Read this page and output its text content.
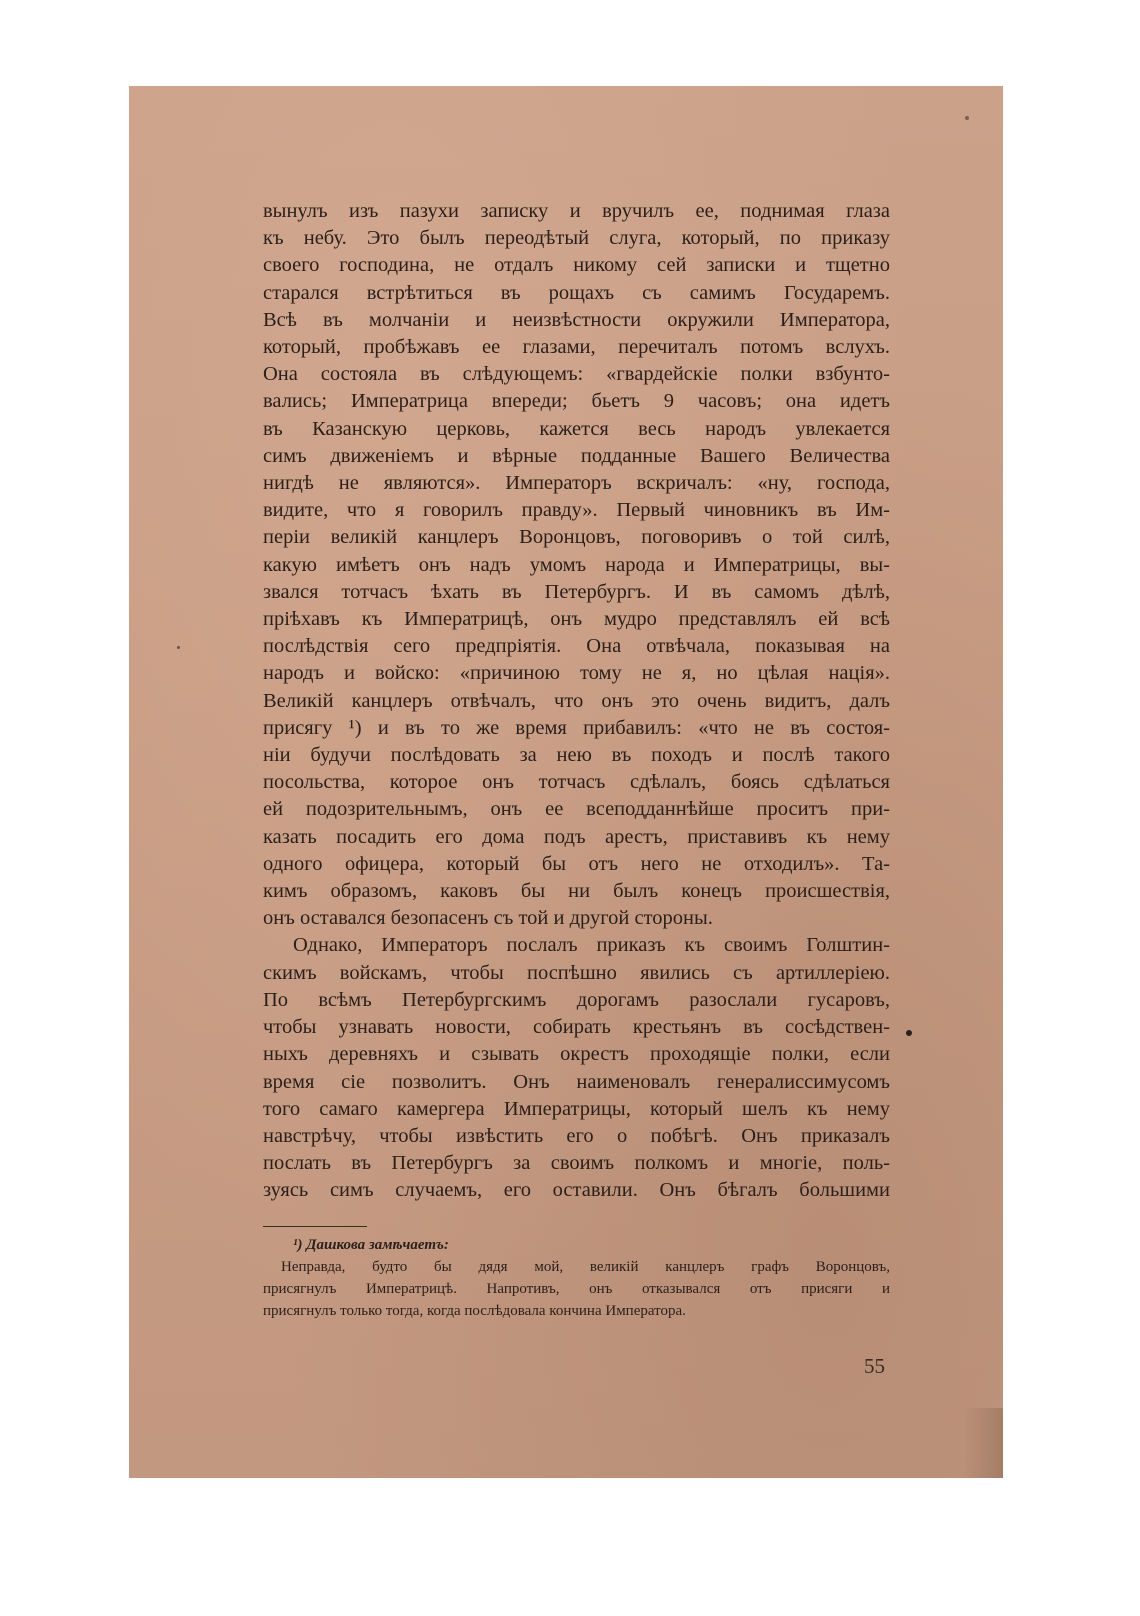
вынулъ изъ пазухи записку и вручилъ ее, поднимая глаза
къ небу. Это былъ переодѣтый слуга, который, по приказу
своего господина, не отдалъ никому сей записки и тщетно
старался встрѣтиться въ рощахъ съ самимъ Государемъ.
Всѣ въ молчаніи и неизвѣстности окружили Императора,
который, пробѣжавъ ее глазами, перечиталъ потомъ вслухъ.
Она состояла въ слѣдующемъ: «гвардейскіе полки взбунто-
вались; Императрица впереди; бьетъ 9 часовъ; она идетъ
въ Казанскую церковь, кажется весь народъ увлекается
симъ движеніемъ и вѣрные подданные Вашего Величества
нигдѣ не являются». Императоръ вскричалъ: «ну, господа,
видите, что я говорилъ правду». Первый чиновникъ въ Им-
періи великій канцлеръ Воронцовъ, поговоривъ о той силѣ,
какую имѣетъ онъ надъ умомъ народа и Императрицы, вы-
звался тотчасъ ѣхать въ Петербургъ. И въ самомъ дѣлѣ,
пріѣхавъ къ Императрицѣ, онъ мудро представлялъ ей всѣ
послѣдствія сего предпріятія. Она отвѣчала, показывая на
народъ и войско: «причиною тому не я, но цѣлая нація».
Великій канцлеръ отвѣчалъ, что онъ это очень видитъ, далъ
присягу ¹) и въ то же время прибавилъ: «что не въ состоя-
ніи будучи послѣдовать за нею въ походъ и послѣ такого
посольства, которое онъ тотчасъ сдѣлалъ, боясь сдѣлаться
ей подозрительнымъ, онъ ее всеподданнѣйше проситъ при-
казать посадить его дома подъ арестъ, приставивъ къ нему
одного офицера, который бы отъ него не отходилъ». Та-
кимъ образомъ, каковъ бы ни былъ конецъ происшествія,
онъ оставался безопасенъ съ той и другой стороны.

Однако, Императоръ послалъ приказъ къ своимъ Голштин-
скимъ войскамъ, чтобы поспѣшно явились съ артиллеріею.
По всѣмъ Петербургскимъ дорогамъ разослали гусаровъ,
чтобы узнавать новости, собирать крестьянъ въ сосѣдствен-
ныхъ деревняхъ и сзывать окрестъ проходящіе полки, если
время сіе позволитъ. Онъ наименовалъ генералиссимусомъ
того самаго камергера Императрицы, который шелъ къ нему
навстрѣчу, чтобы извѣстить его о побѣгѣ. Онъ приказалъ
послать въ Петербургъ за своимъ полкомъ и многіе, поль-
зуясь симъ случаемъ, его оставили. Онъ бѣгалъ большими

¹) Дашкова замѣчаетъ:
Неправда, будто бы дядя мой, великій канцлеръ графъ Воронцовъ,
присягнулъ Императрицѣ. Напротивъ, онъ отказывался отъ присяги и
присягнулъ только тогда, когда послѣдовала кончина Императора.
55
